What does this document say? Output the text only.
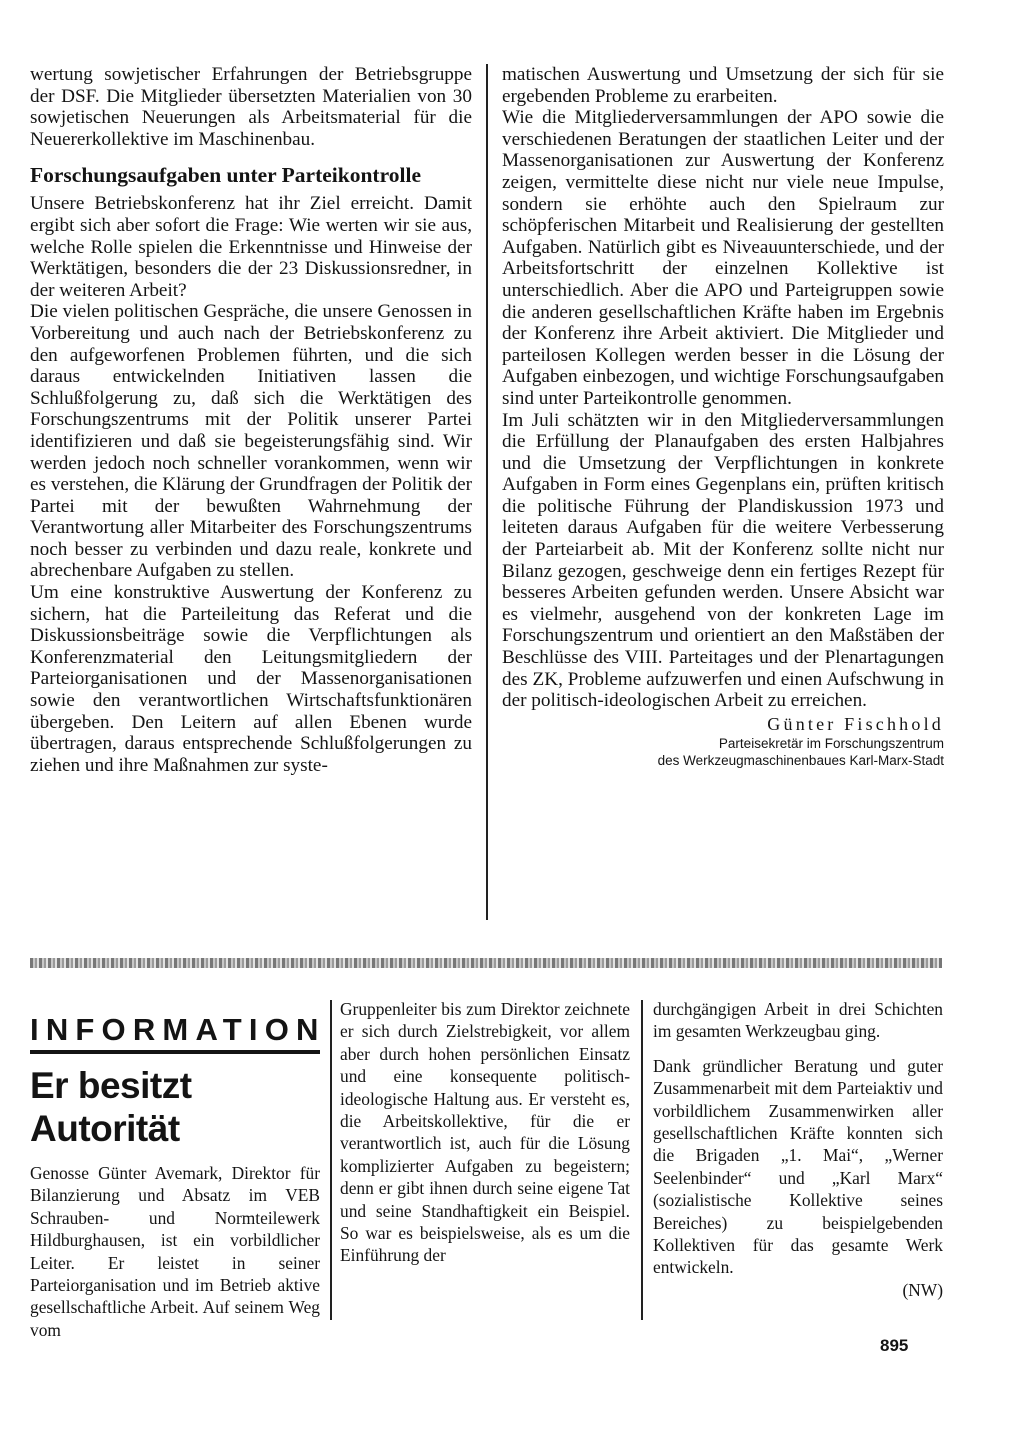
wertung sowjetischer Erfahrungen der Betriebsgruppe der DSF. Die Mitglieder übersetzten Materialien von 30 sowjetischen Neuerungen als Arbeitsmaterial für die Neuererkollektive im Maschinenbau.

Forschungsaufgaben unter Parteikontrolle

Unsere Betriebskonferenz hat ihr Ziel erreicht. Damit ergibt sich aber sofort die Frage: Wie werten wir sie aus, welche Rolle spielen die Erkenntnisse und Hinweise der Werktätigen, besonders die der 23 Diskussionsredner, in der weiteren Arbeit?

Die vielen politischen Gespräche, die unsere Genossen in Vorbereitung und auch nach der Betriebskonferenz zu den aufgeworfenen Problemen führten, und die sich daraus entwickelnden Initiativen lassen die Schlußfolgerung zu, daß sich die Werktätigen des Forschungszentrums mit der Politik unserer Partei identifizieren und daß sie begeisterungsfähig sind. Wir werden jedoch noch schneller vorankommen, wenn wir es verstehen, die Klärung der Grundfragen der Politik der Partei mit der bewußten Wahrnehmung der Verantwortung aller Mitarbeiter des Forschungszentrums noch besser zu verbinden und dazu reale, konkrete und abrechenbare Aufgaben zu stellen.

Um eine konstruktive Auswertung der Konferenz zu sichern, hat die Parteileitung das Referat und die Diskussionsbeiträge sowie die Verpflichtungen als Konferenzmaterial den Leitungsmitgliedern der Parteiorganisationen und der Massenorganisationen sowie den verantwortlichen Wirtschaftsfunktionären übergeben. Den Leitern auf allen Ebenen wurde übertragen, daraus entsprechende Schlußfolgerungen zu ziehen und ihre Maßnahmen zur syste-

matischen Auswertung und Umsetzung der sich für sie ergebenden Probleme zu erarbeiten.

Wie die Mitgliederversammlungen der APO sowie die verschiedenen Beratungen der staatlichen Leiter und der Massenorganisationen zur Auswertung der Konferenz zeigen, vermittelte diese nicht nur viele neue Impulse, sondern sie erhöhte auch den Spielraum zur schöpferischen Mitarbeit und Realisierung der gestellten Aufgaben. Natürlich gibt es Niveauunterschiede, und der Arbeitsfortschritt der einzelnen Kollektive ist unterschiedlich. Aber die APO und Parteigruppen sowie die anderen gesellschaftlichen Kräfte haben im Ergebnis der Konferenz ihre Arbeit aktiviert. Die Mitglieder und parteilosen Kollegen werden besser in die Lösung der Aufgaben einbezogen, und wichtige Forschungsaufgaben sind unter Parteikontrolle genommen.

Im Juli schätzten wir in den Mitgliederversammlungen die Erfüllung der Planaufgaben des ersten Halbjahres und die Umsetzung der Verpflichtungen in konkrete Aufgaben in Form eines Gegenplans ein, prüften kritisch die politische Führung der Plandiskussion 1973 und leiteten daraus Aufgaben für die weitere Verbesserung der Parteiarbeit ab. Mit der Konferenz sollte nicht nur Bilanz gezogen, geschweige denn ein fertiges Rezept für besseres Arbeiten gefunden werden. Unsere Absicht war es vielmehr, ausgehend von der konkreten Lage im Forschungszentrum und orientiert an den Maßstäben der Beschlüsse des VIII. Parteitages und der Plenartagungen des ZK, Probleme aufzuwerfen und einen Aufschwung in der politisch-ideologischen Arbeit zu erreichen.

Günter Fischhold
Parteisekretär im Forschungszentrum
des Werkzeugmaschinenbaues Karl-Marx-Stadt
INFORMATION
Er besitzt Autorität

Genosse Günter Avemark, Direktor für Bilanzierung und Absatz im VEB Schrauben- und Normteilewerk Hildburghausen, ist ein vorbildlicher Leiter. Er leistet in seiner Parteiorganisation und im Betrieb aktive gesellschaftliche Arbeit. Auf seinem Weg vom

Gruppenleiter bis zum Direktor zeichnete er sich durch Zielstrebigkeit, vor allem aber durch hohen persönlichen Einsatz und eine konsequente politisch-ideologische Haltung aus. Er versteht es, die Arbeitskollektive, für die er verantwortlich ist, auch für die Lösung komplizierter Aufgaben zu begeistern; denn er gibt ihnen durch seine eigene Tat und seine Standhaftigkeit ein Beispiel. So war es beispielsweise, als es um die Einführung der

durchgängigen Arbeit in drei Schichten im gesamten Werkzeugbau ging.

Dank gründlicher Beratung und guter Zusammenarbeit mit dem Parteiaktiv und vorbildlichem Zusammenwirken aller gesellschaftlichen Kräfte konnten sich die Brigaden „1. Mai“, „Werner Seelenbinder“ und „Karl Marx“ (sozialistische Kollektive seines Bereiches) zu beispielgebenden Kollektiven für das gesamte Werk entwickeln.

(NW)
895
